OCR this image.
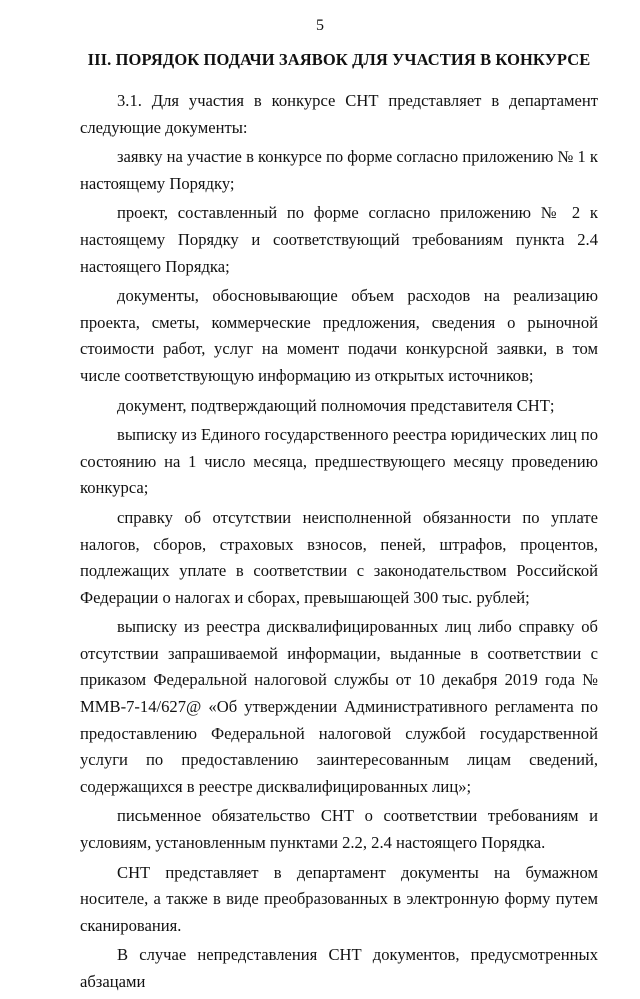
5
III. ПОРЯДОК ПОДАЧИ ЗАЯВОК ДЛЯ УЧАСТИЯ В КОНКУРСЕ

3.1. Для участия в конкурсе СНТ представляет в департамент следующие документы:

заявку на участие в конкурсе по форме согласно приложению № 1 к настоящему Порядку;

проект, составленный по форме согласно приложению № 2 к настоящему Порядку и соответствующий требованиям пункта 2.4 настоящего Порядка;

документы, обосновывающие объем расходов на реализацию проекта, сметы, коммерческие предложения, сведения о рыночной стоимости работ, услуг на момент подачи конкурсной заявки, в том числе соответствующую информацию из открытых источников;

документ, подтверждающий полномочия представителя СНТ;

выписку из Единого государственного реестра юридических лиц по состоянию на 1 число месяца, предшествующего месяцу проведению конкурса;

справку об отсутствии неисполненной обязанности по уплате налогов, сборов, страховых взносов, пеней, штрафов, процентов, подлежащих уплате в соответствии с законодательством Российской Федерации о налогах и сборах, превышающей 300 тыс. рублей;

выписку из реестра дисквалифицированных лиц либо справку об отсутствии запрашиваемой информации, выданные в соответствии с приказом Федеральной налоговой службы от 10 декабря 2019 года № ММВ-7-14/627@ «Об утверждении Административного регламента по предоставлению Федеральной налоговой службой государственной услуги по предоставлению заинтересованным лицам сведений, содержащихся в реестре дисквалифицированных лиц»;

письменное обязательство СНТ о соответствии требованиям и условиям, установленным пунктами 2.2, 2.4 настоящего Порядка.

СНТ представляет в департамент документы на бумажном носителе, а также в виде преобразованных в электронную форму путем сканирования.

В случае непредставления СНТ документов, предусмотренных абзацами
